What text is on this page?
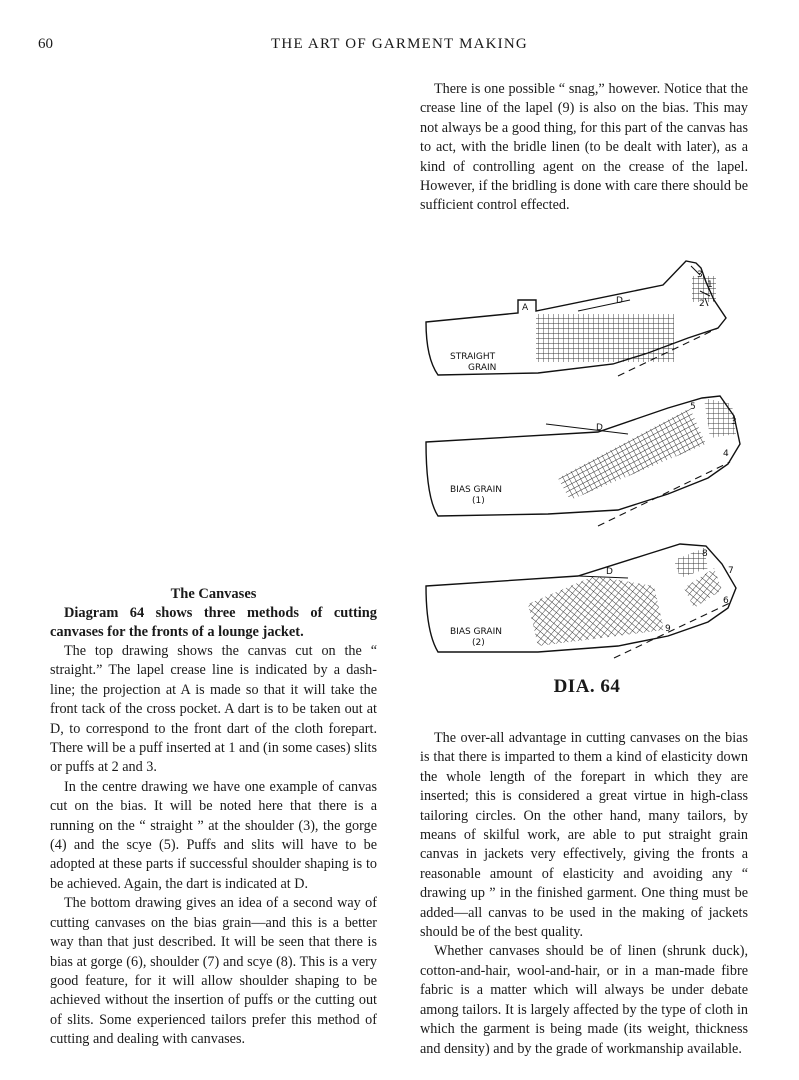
60	THE ART OF GARMENT MAKING

There is one possible “ snag,” however. Notice that the crease line of the lapel (9) is also on the bias. This may not always be a good thing, for this part of the canvas has to act, with the bridle linen (to be dealt with later), as a kind of controlling agent on the crease of the lapel. However, if the bridling is done with care there should be sufficient control effected.

A
D
3
1
2
STRAIGHT
GRAIN
D
5
3
4
BIAS GRAIN
(1)
D
8
7
6
9
BIAS GRAIN
(2)
DIA. 64
The Canvases

Diagram 64 shows three methods of cutting canvases for the fronts of a lounge jacket.

The top drawing shows the canvas cut on the “ straight.” The lapel crease line is indicated by a dash-line; the projection at A is made so that it will take the front tack of the cross pocket. A dart is to be taken out at D, to correspond to the front dart of the cloth forepart. There will be a puff inserted at 1 and (in some cases) slits or puffs at 2 and 3.

In the centre drawing we have one example of canvas cut on the bias. It will be noted here that there is a running on the “ straight ” at the shoulder (3), the gorge (4) and the scye (5). Puffs and slits will have to be adopted at these parts if successful shoulder shaping is to be achieved. Again, the dart is indicated at D.

The bottom drawing gives an idea of a second way of cutting canvases on the bias grain—and this is a better way than that just described. It will be seen that there is bias at gorge (6), shoulder (7) and scye (8). This is a very good feature, for it will allow shoulder shaping to be achieved without the insertion of puffs or the cutting out of slits. Some experienced tailors prefer this method of cutting and dealing with canvases.

The over-all advantage in cutting canvases on the bias is that there is imparted to them a kind of elasticity down the whole length of the forepart in which they are inserted; this is considered a great virtue in high-class tailoring circles. On the other hand, many tailors, by means of skilful work, are able to put straight grain canvas in jackets very effectively, giving the fronts a reasonable amount of elasticity and avoiding any “ drawing up ” in the finished garment. One thing must be added—all canvas to be used in the making of jackets should be of the best quality.

Whether canvases should be of linen (shrunk duck), cotton-and-hair, wool-and-hair, or in a man-made fibre fabric is a matter which will always be under debate among tailors. It is largely affected by the type of cloth in which the garment is being made (its weight, thickness and density) and by the grade of workmanship available.
